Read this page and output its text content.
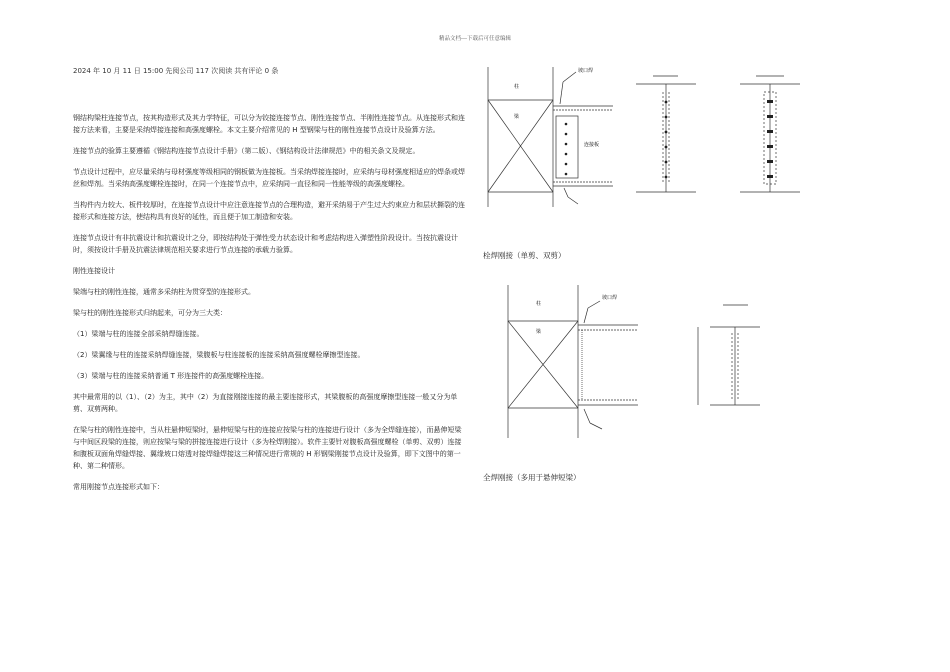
精品文档---下载后可任意编辑
2024 年 10 月 11 日 15:00 先阅公司 117 次阅读 共有评论 0 条

钢结构梁柱连接节点，按其构造形式及其力学特征，可以分为铰接连接节点、刚性连接节点、半刚性连接节点。从连接形式和连接方法来看，主要是采纳焊接连接和高强度螺栓。本文主要介绍常见的 H 型钢梁与柱的刚性连接节点设计及验算方法。

连接节点的验算主要遵循《钢结构连接节点设计手册》（第二版）、《钢结构设计法律规范》中的相关条文及规定。

节点设计过程中，应尽量采纳与母材强度等级相同的钢板做为连接板。当采纳焊接连接时，应采纳与母材强度相适应的焊条或焊丝和焊剂。当采纳高强度螺栓连接时，在同一个连接节点中，应采纳同一直径和同一性能等级的高强度螺栓。

当构件内力较大、板件较厚时，在连接节点设计中应注意连接节点的合理构造，避开采纳易于产生过大约束应力和层状撕裂的连接形式和连接方法，使结构具有良好的延性，而且便于加工制造和安装。

连接节点设计有非抗震设计和抗震设计之分，即按结构处于弹性受力状态设计和考虑结构进入弹塑性阶段设计。当按抗震设计时，须按设计手册及抗震法律规范相关要求进行节点连接的承载力验算。

刚性连接设计

梁端与柱的刚性连接，通常多采纳柱为贯穿型的连接形式。

梁与柱的刚性连接形式归纳起来，可分为三大类：

（1）梁端与柱的连接全部采纳焊缝连接。

（2）梁翼缘与柱的连接采纳焊缝连接，梁腹板与柱连接板的连接采纳高强度螺栓摩擦型连接。

（3）梁端与柱的连接采纳普通 T 形连接件的高强度螺栓连接。

其中最常用的以（1）、（2）为主，其中（2）为直接刚接连接的最主要连接形式，其梁腹板的高强度摩擦型连接一般又分为单剪、双剪两种。

在梁与柱的刚性连接中，当从柱悬伸短梁时，悬伸短梁与柱的连接应按梁与柱的连接进行设计（多为全焊缝连接），而悬伸短梁与中间区段梁的连接，则应按梁与梁的拼接连接进行设计（多为栓焊刚接）。软件主要针对腹板高强度螺栓（单剪、双剪）连接和腹板双面角焊缝焊接、翼缘坡口熔透对接焊缝焊接这三种情况进行常规的 H 形钢梁刚接节点设计及验算，即下文图中的第一种、第二种情形。

常用刚接节点连接形式如下：

柱
梁
连接板
坡口焊
栓焊刚接（单剪、双剪）
柱
梁
坡口焊
全焊刚接（多用于悬伸短梁）
